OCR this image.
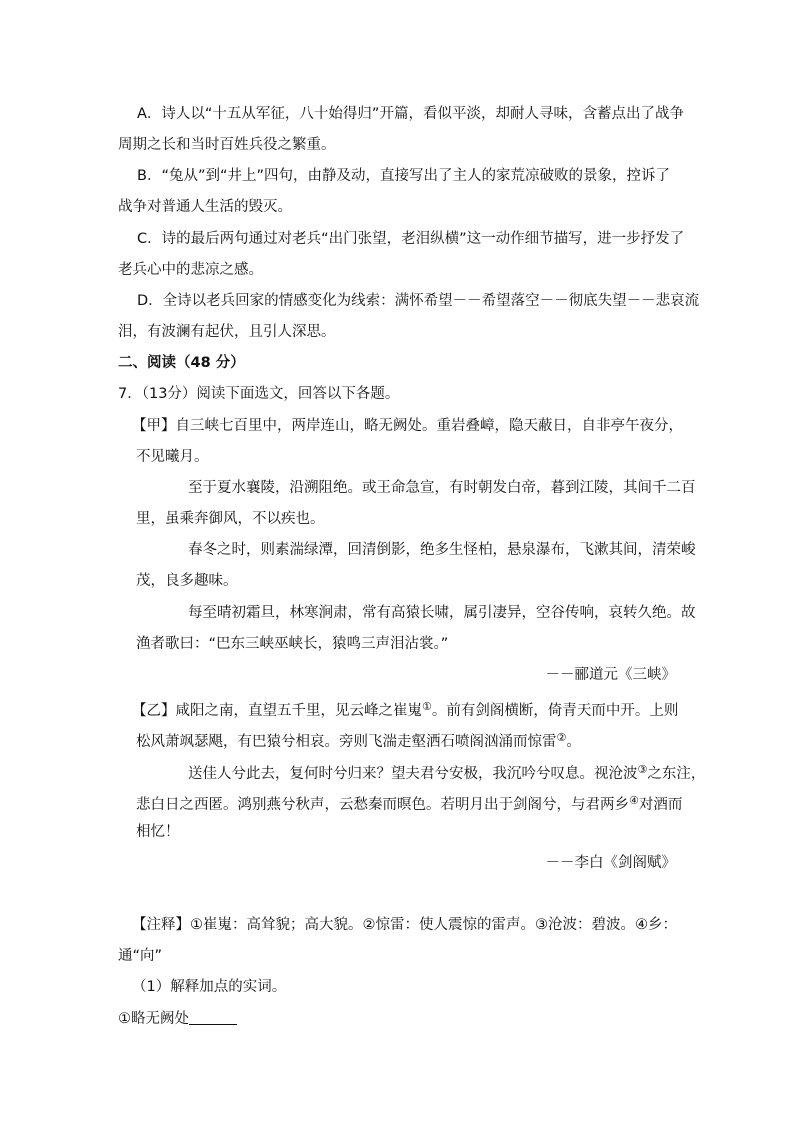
A．诗人以“十五从军征，八十始得归”开篇，看似平淡，却耐人寻味，含蓄点出了战争
周期之长和当时百姓兵役之繁重。
B．“兔从”到“井上”四句，由静及动，直接写出了主人的家荒凉破败的景象，控诉了
战争对普通人生活的毁灭。
C．诗的最后两句通过对老兵“出门张望，老泪纵横”这一动作细节描写，进一步抒发了
老兵心中的悲凉之感。
D．全诗以老兵回家的情感变化为线索：满怀希望－－希望落空－－彻底失望－－悲哀流
泪，有波澜有起伏，且引人深思。
二、阅读（48 分）
7．（13分）阅读下面选文，回答以下各题。
【甲】自三峡七百里中，两岸连山，略无阙处。重岩叠嶂，隐天蔽日，自非亭午夜分，
不见曦月。
至于夏水襄陵，沿溯阻绝。或王命急宣，有时朝发白帝，暮到江陵，其间千二百
里，虽乘奔御风，不以疾也。
春冬之时，则素湍绿潭，回清倒影，绝多生怪柏，悬泉瀑布，飞漱其间，清荣峻
茂，良多趣味。
每至晴初霜旦，林寒涧肃，常有高猿长啸，属引凄异，空谷传响，哀转久绝。故
渔者歌曰：“巴东三峡巫峡长，猿鸣三声泪沾裳。”
－－郦道元《三峡》
【乙】咸阳之南，直望五千里，见云峰之崔嵬①。前有剑阁横断，倚青天而中开。上则
松风萧飒瑟飓，有巴猿兮相哀。旁则飞湍走壑洒石喷阁汹涌而惊雷②。
送佳人兮此去，复何时兮归来？望夫君兮安极，我沉吟兮叹息。视沧波③之东注，
悲白日之西匿。鸿别燕兮秋声，云愁秦而暝色。若明月出于剑阁兮，与君两乡④对酒而
相忆！
－－李白《剑阁赋》
【注释】①崔嵬：高耸貌；高大貌。②惊雷：使人震惊的雷声。③沧波：碧波。④乡：
通“向”
（1）解释加点的实词。
①略无阙处
